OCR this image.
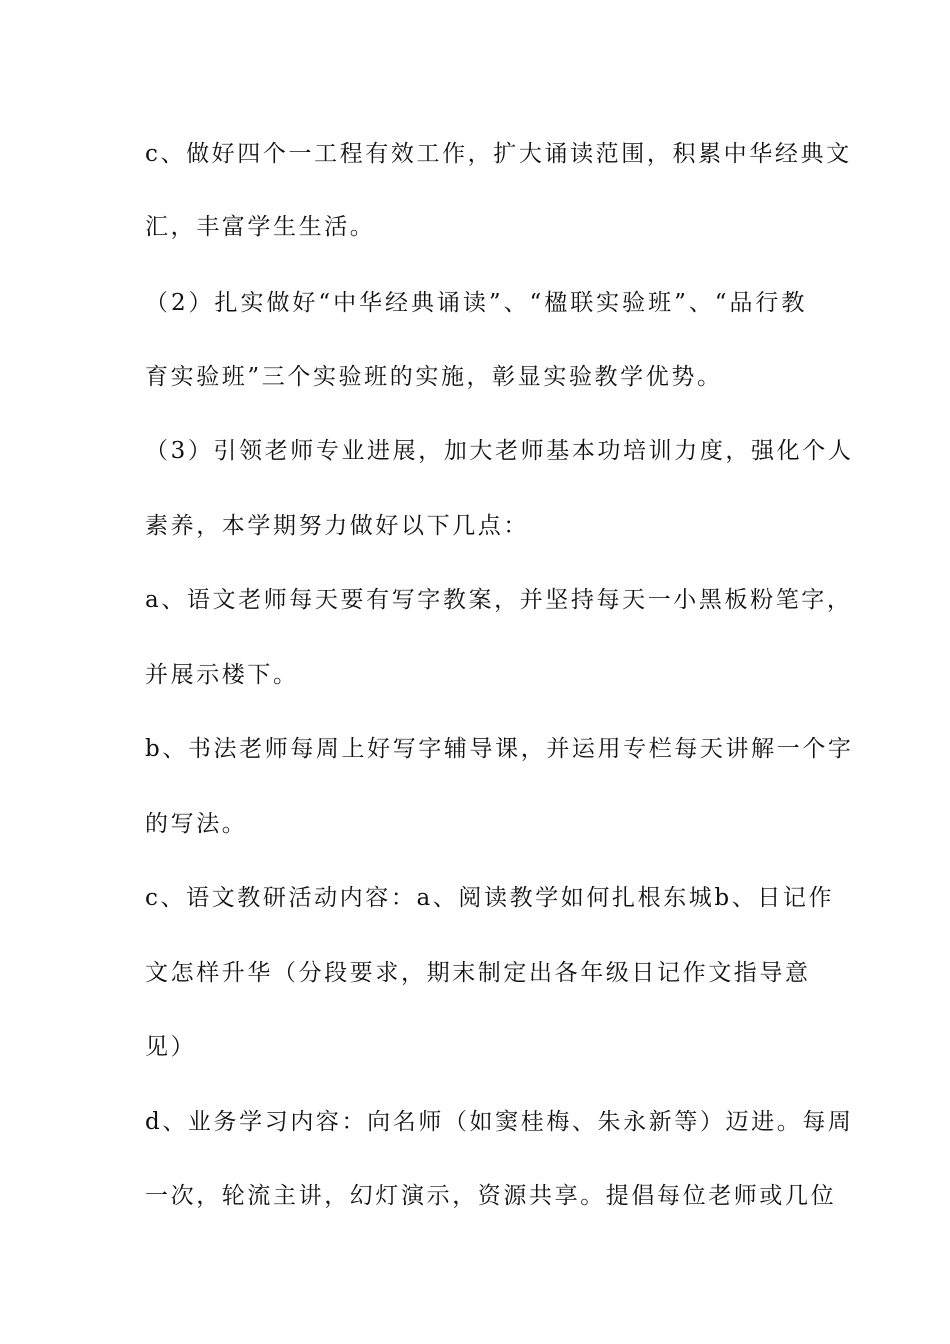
c、做好四个一工程有效工作，扩大诵读范围，积累中华经典文
汇，丰富学生生活。
（2）扎实做好“中华经典诵读”、“楹联实验班”、“品行教
育实验班”三个实验班的实施，彰显实验教学优势。
（3）引领老师专业进展，加大老师基本功培训力度，强化个人
素养，本学期努力做好以下几点：
a、语文老师每天要有写字教案，并坚持每天一小黑板粉笔字，
并展示楼下。
b、书法老师每周上好写字辅导课，并运用专栏每天讲解一个字
的写法。
c、语文教研活动内容：a、阅读教学如何扎根东城b、日记作
文怎样升华（分段要求，期末制定出各年级日记作文指导意
见）
d、业务学习内容：向名师（如窦桂梅、朱永新等）迈进。每周
一次，轮流主讲，幻灯演示，资源共享。提倡每位老师或几位
